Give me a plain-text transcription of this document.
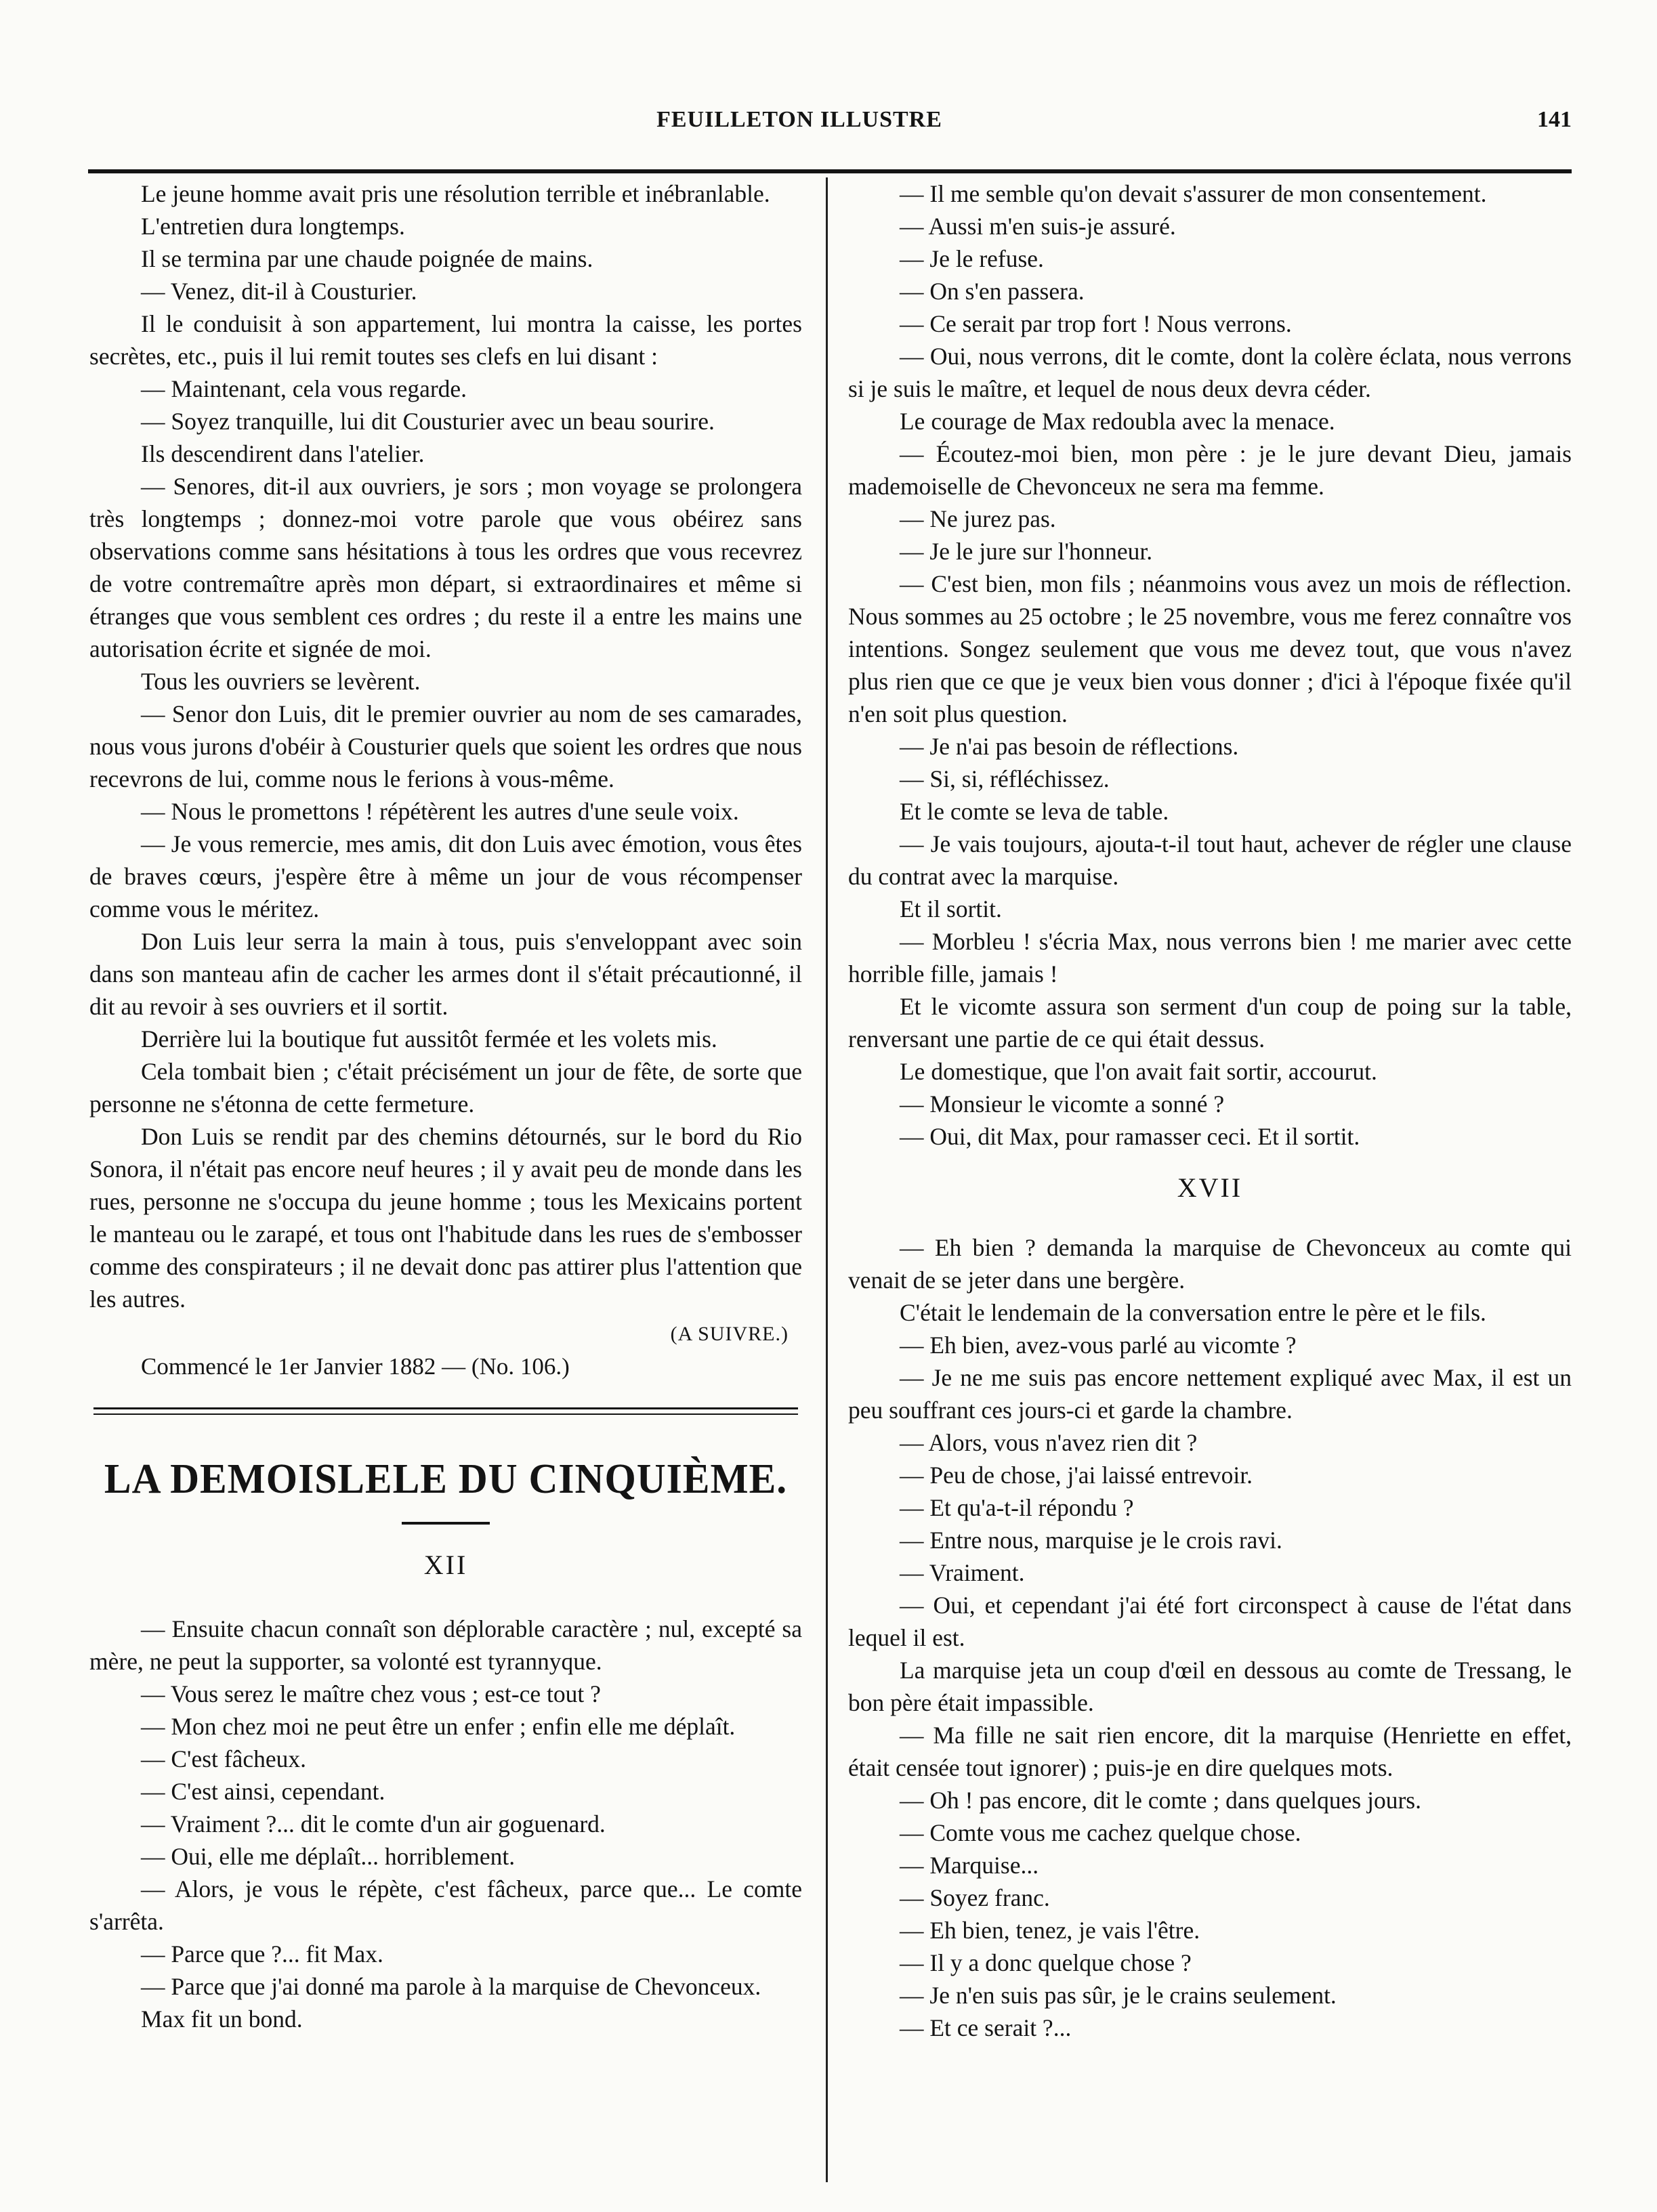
FEUILLETON ILLUSTRE	141

Le jeune homme avait pris une résolution terrible et inébranlable.

L'entretien dura longtemps.

Il se termina par une chaude poignée de mains.

— Venez, dit-il à Cousturier.

Il le conduisit à son appartement, lui montra la caisse, les portes secrètes, etc., puis il lui remit toutes ses clefs en lui disant :

— Maintenant, cela vous regarde.

— Soyez tranquille, lui dit Cousturier avec un beau sourire.

Ils descendirent dans l'atelier.

— Senores, dit-il aux ouvriers, je sors ; mon voyage se prolongera très longtemps ; donnez-moi votre parole que vous obéirez sans observations comme sans hésitations à tous les ordres que vous recevrez de votre contremaître après mon départ, si extraordinaires et même si étranges que vous semblent ces ordres ; du reste il a entre les mains une autorisation écrite et signée de moi.

Tous les ouvriers se levèrent.

— Senor don Luis, dit le premier ouvrier au nom de ses camarades, nous vous jurons d'obéir à Cousturier quels que soient les ordres que nous recevrons de lui, comme nous le ferions à vous-même.

— Nous le promettons ! répétèrent les autres d'une seule voix.

— Je vous remercie, mes amis, dit don Luis avec émotion, vous êtes de braves cœurs, j'espère être à même un jour de vous récompenser comme vous le méritez.

Don Luis leur serra la main à tous, puis s'enveloppant avec soin dans son manteau afin de cacher les armes dont il s'était précautionné, il dit au revoir à ses ouvriers et il sortit.

Derrière lui la boutique fut aussitôt fermée et les volets mis.

Cela tombait bien ; c'était précisément un jour de fête, de sorte que personne ne s'étonna de cette fermeture.

Don Luis se rendit par des chemins détournés, sur le bord du Rio Sonora, il n'était pas encore neuf heures ; il y avait peu de monde dans les rues, personne ne s'occupa du jeune homme ; tous les Mexicains portent le manteau ou le zarapé, et tous ont l'habitude dans les rues de s'embosser comme des conspirateurs ; il ne devait donc pas attirer plus l'attention que les autres.

(A SUIVRE.)

Commencé le 1er Janvier 1882 — (No. 106.)

LA DEMOISLELE DU CINQUIÈME.
XII

— Ensuite chacun connaît son déplorable caractère ; nul, excepté sa mère, ne peut la supporter, sa volonté est tyrannyque.

— Vous serez le maître chez vous ; est-ce tout ?

— Mon chez moi ne peut être un enfer ; enfin elle me déplaît.

— C'est fâcheux.

— C'est ainsi, cependant.

— Vraiment ?... dit le comte d'un air goguenard.

— Oui, elle me déplaît... horriblement.

— Alors, je vous le répète, c'est fâcheux, parce que... Le comte s'arrêta.

— Parce que ?... fit Max.

— Parce que j'ai donné ma parole à la marquise de Chevonceux.

Max fit un bond.

— Il me semble qu'on devait s'assurer de mon consentement.

— Aussi m'en suis-je assuré.

— Je le refuse.

— On s'en passera.

— Ce serait par trop fort ! Nous verrons.

— Oui, nous verrons, dit le comte, dont la colère éclata, nous verrons si je suis le maître, et lequel de nous deux devra céder.

Le courage de Max redoubla avec la menace.

— Écoutez-moi bien, mon père : je le jure devant Dieu, jamais mademoiselle de Chevonceux ne sera ma femme.

— Ne jurez pas.

— Je le jure sur l'honneur.

— C'est bien, mon fils ; néanmoins vous avez un mois de réflection. Nous sommes au 25 octobre ; le 25 novembre, vous me ferez connaître vos intentions. Songez seulement que vous me devez tout, que vous n'avez plus rien que ce que je veux bien vous donner ; d'ici à l'époque fixée qu'il n'en soit plus question.

— Je n'ai pas besoin de réflections.

— Si, si, réfléchissez.

Et le comte se leva de table.

— Je vais toujours, ajouta-t-il tout haut, achever de régler une clause du contrat avec la marquise.

Et il sortit.

— Morbleu ! s'écria Max, nous verrons bien ! me marier avec cette horrible fille, jamais !

Et le vicomte assura son serment d'un coup de poing sur la table, renversant une partie de ce qui était dessus.

Le domestique, que l'on avait fait sortir, accourut.

— Monsieur le vicomte a sonné ?

— Oui, dit Max, pour ramasser ceci. Et il sortit.

XVII

— Eh bien ? demanda la marquise de Chevonceux au comte qui venait de se jeter dans une bergère.

C'était le lendemain de la conversation entre le père et le fils.

— Eh bien, avez-vous parlé au vicomte ?

— Je ne me suis pas encore nettement expliqué avec Max, il est un peu souffrant ces jours-ci et garde la chambre.

— Alors, vous n'avez rien dit ?

— Peu de chose, j'ai laissé entrevoir.

— Et qu'a-t-il répondu ?

— Entre nous, marquise je le crois ravi.

— Vraiment.

— Oui, et cependant j'ai été fort circonspect à cause de l'état dans lequel il est.

La marquise jeta un coup d'œil en dessous au comte de Tressang, le bon père était impassible.

— Ma fille ne sait rien encore, dit la marquise (Henriette en effet, était censée tout ignorer) ; puis-je en dire quelques mots.

— Oh ! pas encore, dit le comte ; dans quelques jours.

— Comte vous me cachez quelque chose.

— Marquise...

— Soyez franc.

— Eh bien, tenez, je vais l'être.

— Il y a donc quelque chose ?

— Je n'en suis pas sûr, je le crains seulement.

— Et ce serait ?...
